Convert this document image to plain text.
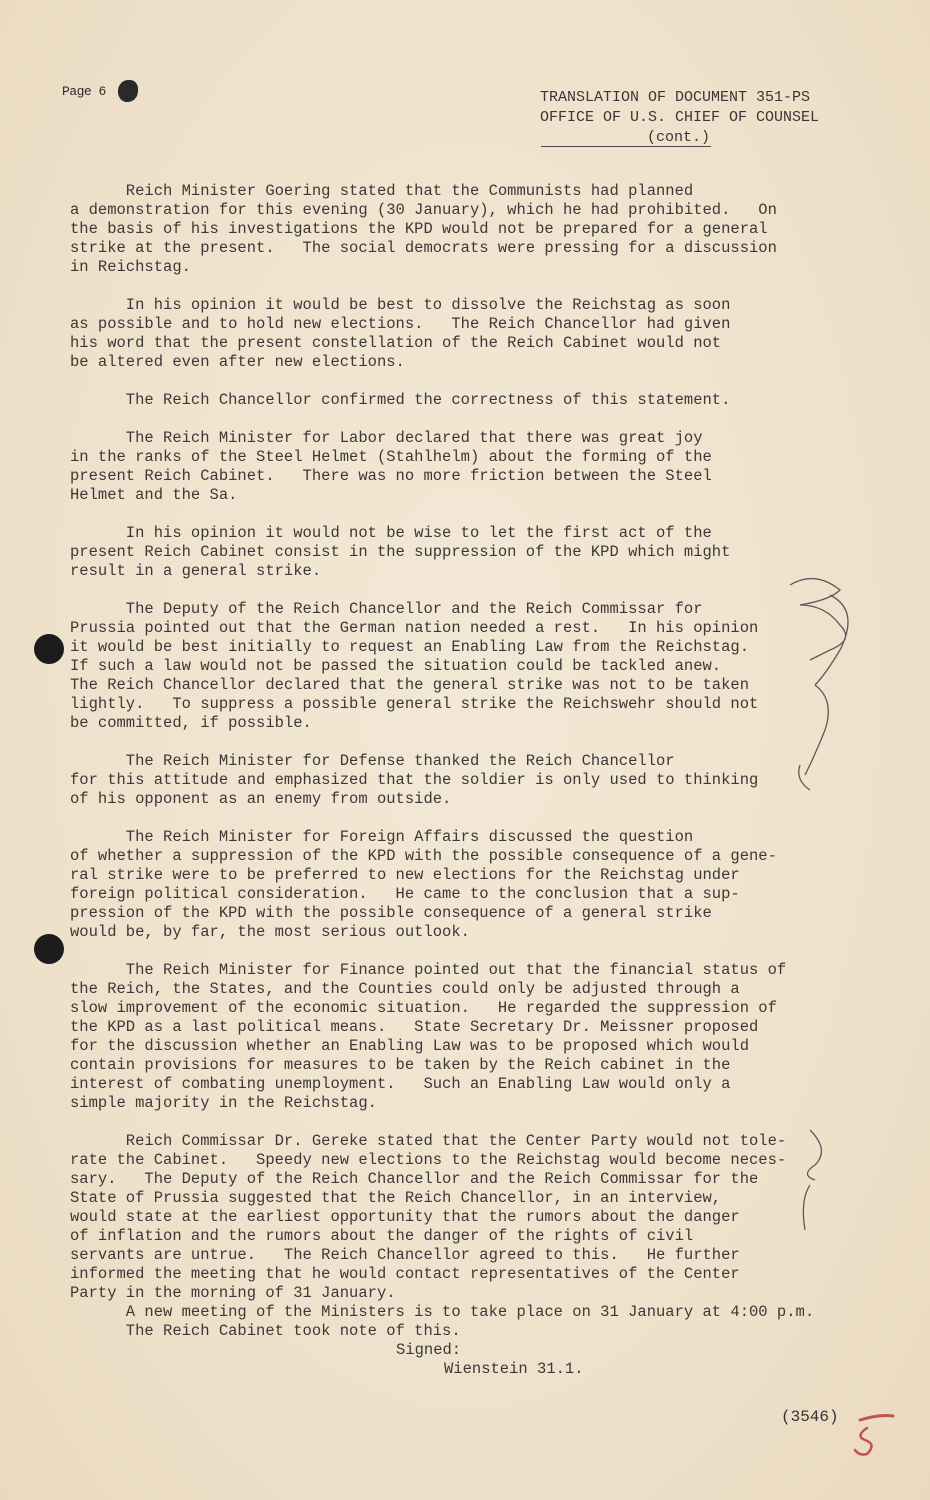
Page 6	TRANSLATION OF DOCUMENT 351-PS
OFFICE OF U.S. CHIEF OF COUNSEL
(cont.)
Reich Minister Goering stated that the Communists had planned
a demonstration for this evening (30 January), which he had prohibited.   On
the basis of his investigations the KPD would not be prepared for a general
strike at the present.   The social democrats were pressing for a discussion
in Reichstag.
In his opinion it would be best to dissolve the Reichstag as soon
as possible and to hold new elections.   The Reich Chancellor had given
his word that the present constellation of the Reich Cabinet would not
be altered even after new elections.
The Reich Chancellor confirmed the correctness of this statement.
The Reich Minister for Labor declared that there was great joy
in the ranks of the Steel Helmet (Stahlhelm) about the forming of the
present Reich Cabinet.   There was no more friction between the Steel
Helmet and the Sa.
In his opinion it would not be wise to let the first act of the
present Reich Cabinet consist in the suppression of the KPD which might
result in a general strike.
The Deputy of the Reich Chancellor and the Reich Commissar for
Prussia pointed out that the German nation needed a rest.   In his opinion
it would be best initially to request an Enabling Law from the Reichstag.
If such a law would not be passed the situation could be tackled anew.
The Reich Chancellor declared that the general strike was not to be taken
lightly.   To suppress a possible general strike the Reichswehr should not
be committed, if possible.
The Reich Minister for Defense thanked the Reich Chancellor
for this attitude and emphasized that the soldier is only used to thinking
of his opponent as an enemy from outside.
The Reich Minister for Foreign Affairs discussed the question
of whether a suppression of the KPD with the possible consequence of a gene-
ral strike were to be preferred to new elections for the Reichstag under
foreign political consideration.   He came to the conclusion that a sup-
pression of the KPD with the possible consequence of a general strike
would be, by far, the most serious outlook.
The Reich Minister for Finance pointed out that the financial status of
the Reich, the States, and the Counties could only be adjusted through a
slow improvement of the economic situation.   He regarded the suppression of
the KPD as a last political means.   State Secretary Dr. Meissner proposed
for the discussion whether an Enabling Law was to be proposed which would
contain provisions for measures to be taken by the Reich cabinet in the
interest of combating unemployment.   Such an Enabling Law would only a
simple majority in the Reichstag.
Reich Commissar Dr. Gereke stated that the Center Party would not tole-
rate the Cabinet.   Speedy new elections to the Reichstag would become neces-
sary.   The Deputy of the Reich Chancellor and the Reich Commissar for the
State of Prussia suggested that the Reich Chancellor, in an interview,
would state at the earliest opportunity that the rumors about the danger
of inflation and the rumors about the danger of the rights of civil
servants are untrue.   The Reich Chancellor agreed to this.   He further
informed the meeting that he would contact representatives of the Center
Party in the morning of 31 January.
A new meeting of the Ministers is to take place on 31 January at 4:00 p.m.
The Reich Cabinet took note of this.
Signed:
Wienstein 31.1.
(3546)
